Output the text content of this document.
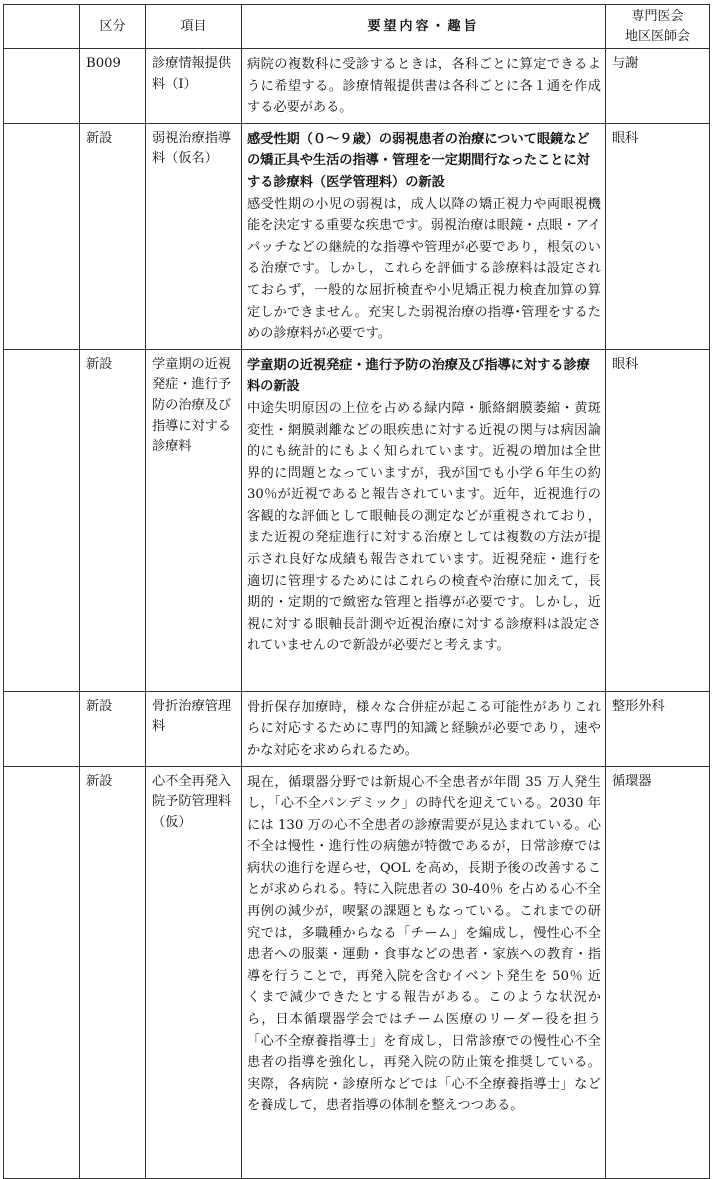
	区分	項目	要望内容・趣旨	専門医会
地区医師会

	B009	診療情報提供料（Ⅰ）	病院の複数科に受診するときは，各科ごとに算定できるように希望する。診療情報提供書は各科ごとに各１通を作成する必要がある。	与謝
	新設	弱視治療指導料（仮名）	感受性期（０～９歳）の弱視患者の治療について眼鏡などの矯正具や生活の指導・管理を一定期間行なったことに対する診療料（医学管理料）の新設
感受性期の小児の弱視は，成人以降の矯正視力や両眼視機能を決定する重要な疾患です。弱視治療は眼鏡・点眼・アイパッチなどの継続的な指導や管理が必要であり，根気のいる治療です。しかし，これらを評価する診療料は設定されておらず，一般的な屈折検査や小児矯正視力検査加算の算定しかできません。充実した弱視治療の指導･管理をするための診療料が必要です。	眼科
	新設	学童期の近視発症・進行予防の治療及び指導に対する診療料	学童期の近視発症・進行予防の治療及び指導に対する診療料の新設
中途失明原因の上位を占める緑内障・脈絡網膜萎縮・黄斑変性・網膜剥離などの眼疾患に対する近視の関与は病因論的にも統計的にもよく知られています。近視の増加は全世界的に問題となっていますが，我が国でも小学６年生の約 30％が近視であると報告されています。近年，近視進行の客観的な評価として眼軸長の測定などが重視されており，また近視の発症進行に対する治療としては複数の方法が提示され良好な成績も報告されています。近視発症・進行を適切に管理するためにはこれらの検査や治療に加えて，長期的・定期的で緻密な管理と指導が必要です。しかし，近視に対する眼軸長計測や近視治療に対する診療料は設定されていませんので新設が必要だと考えます。	眼科
	新設	骨折治療管理料	骨折保存加療時，様々な合併症が起こる可能性がありこれらに対応するために専門的知識と経験が必要であり，速やかな対応を求められるため。	整形外科
	新設	心不全再発入院予防管理料（仮）	現在，循環器分野では新規心不全患者が年間 35 万人発生し，「心不全パンデミック」の時代を迎えている。2030 年には 130 万の心不全患者の診療需要が見込まれている。心不全は慢性・進行性の病態が特徴であるが，日常診療では病状の進行を遅らせ，QOL を高め，長期予後の改善することが求められる。特に入院患者の 30-40％ を占める心不全再例の減少が，喫緊の課題ともなっている。これまでの研究では，多職種からなる「チーム」を編成し，慢性心不全患者への服薬・運動・食事などの患者・家族への教育・指導を行うことで，再発入院を含むイベント発生を 50％ 近くまで減少できたとする報告がある。このような状況から，日本循環器学会ではチーム医療のリーダー役を担う「心不全療養指導士」を育成し，日常診療での慢性心不全患者の指導を強化し，再発入院の防止策を推奨している。実際，各病院・診療所などでは「心不全療養指導士」などを養成して，患者指導の体制を整えつつある。	循環器
